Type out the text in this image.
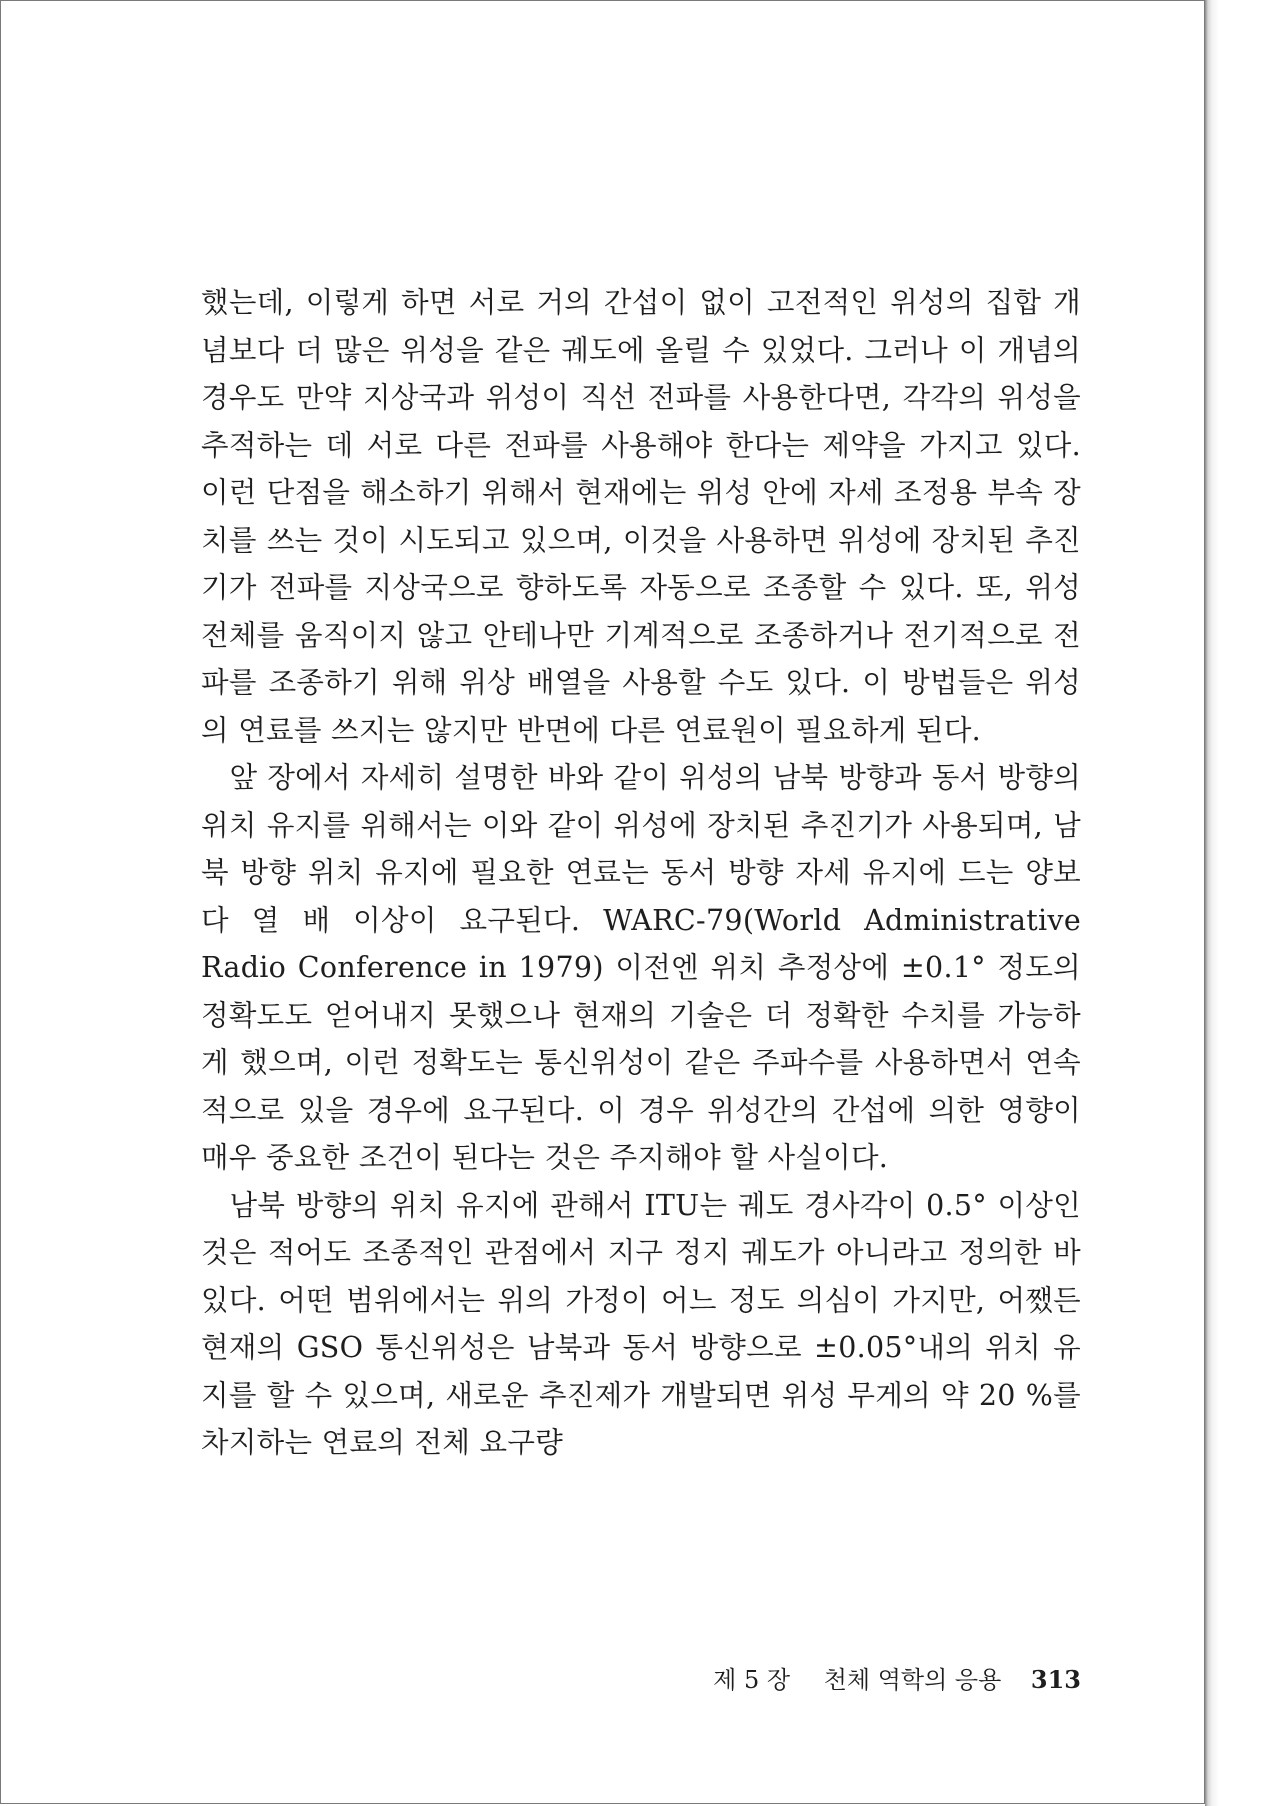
했는데, 이렇게 하면 서로 거의 간섭이 없이 고전적인 위성의 집합 개념보다 더 많은 위성을 같은 궤도에 올릴 수 있었다. 그러나 이 개념의 경우도 만약 지상국과 위성이 직선 전파를 사용한다면, 각각의 위성을 추적하는 데 서로 다른 전파를 사용해야 한다는 제약을 가지고 있다. 이런 단점을 해소하기 위해서 현재에는 위성 안에 자세 조정용 부속 장치를 쓰는 것이 시도되고 있으며, 이것을 사용하면 위성에 장치된 추진기가 전파를 지상국으로 향하도록 자동으로 조종할 수 있다. 또, 위성 전체를 움직이지 않고 안테나만 기계적으로 조종하거나 전기적으로 전파를 조종하기 위해 위상 배열을 사용할 수도 있다. 이 방법들은 위성의 연료를 쓰지는 않지만 반면에 다른 연료원이 필요하게 된다.

앞 장에서 자세히 설명한 바와 같이 위성의 남북 방향과 동서 방향의 위치 유지를 위해서는 이와 같이 위성에 장치된 추진기가 사용되며, 남북 방향 위치 유지에 필요한 연료는 동서 방향 자세 유지에 드는 양보다 열 배 이상이 요구된다. WARC-79(World Administrative Radio Conference in 1979) 이전엔 위치 추정상에 ±0.1° 정도의 정확도도 얻어내지 못했으나 현재의 기술은 더 정확한 수치를 가능하게 했으며, 이런 정확도는 통신위성이 같은 주파수를 사용하면서 연속적으로 있을 경우에 요구된다. 이 경우 위성간의 간섭에 의한 영향이 매우 중요한 조건이 된다는 것은 주지해야 할 사실이다.

남북 방향의 위치 유지에 관해서 ITU는 궤도 경사각이 0.5° 이상인 것은 적어도 조종적인 관점에서 지구 정지 궤도가 아니라고 정의한 바 있다. 어떤 범위에서는 위의 가정이 어느 정도 의심이 가지만, 어쨌든 현재의 GSO 통신위성은 남북과 동서 방향으로 ±0.05°내의 위치 유지를 할 수 있으며, 새로운 추진제가 개발되면 위성 무게의 약 20 %를 차지하는 연료의 전체 요구량

제 5 장 천체 역학의 응용 313
